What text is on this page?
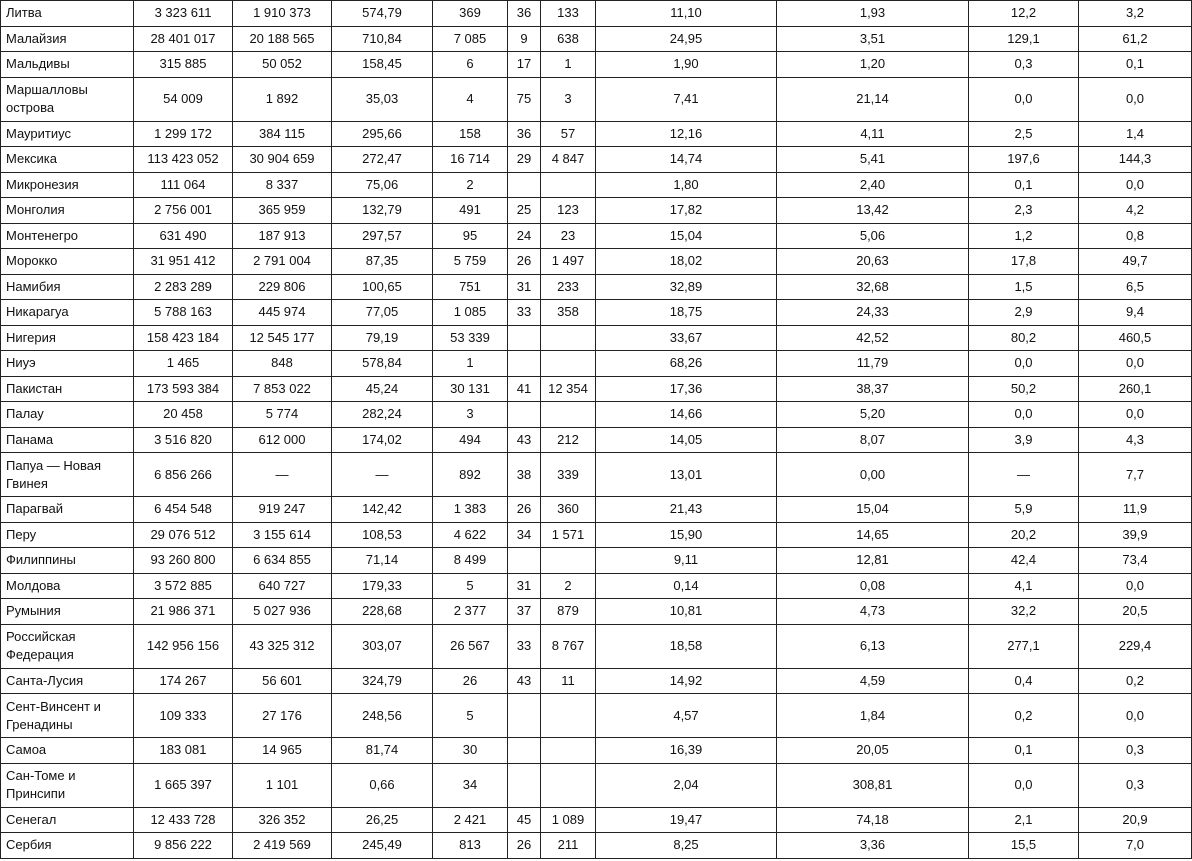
Литва	3 323 611	1 910 373	574,79	369	36	133	11,10	1,93	12,2	3,2
Малайзия	28 401 017	20 188 565	710,84	7 085	9	638	24,95	3,51	129,1	61,2
Мальдивы	315 885	50 052	158,45	6	17	1	1,90	1,20	0,3	0,1
Маршалловы острова	54 009	1 892	35,03	4	75	3	7,41	21,14	0,0	0,0
Мауритиус	1 299 172	384 115	295,66	158	36	57	12,16	4,11	2,5	1,4
Мексика	113 423 052	30 904 659	272,47	16 714	29	4 847	14,74	5,41	197,6	144,3
Микронезия	111 064	8 337	75,06	2			1,80	2,40	0,1	0,0
Монголия	2 756 001	365 959	132,79	491	25	123	17,82	13,42	2,3	4,2
Монтенегро	631 490	187 913	297,57	95	24	23	15,04	5,06	1,2	0,8
Морокко	31 951 412	2 791 004	87,35	5 759	26	1 497	18,02	20,63	17,8	49,7
Намибия	2 283 289	229 806	100,65	751	31	233	32,89	32,68	1,5	6,5
Никарагуа	5 788 163	445 974	77,05	1 085	33	358	18,75	24,33	2,9	9,4
Нигерия	158 423 184	12 545 177	79,19	53 339			33,67	42,52	80,2	460,5
Ниуэ	1 465	848	578,84	1			68,26	11,79	0,0	0,0
Пакистан	173 593 384	7 853 022	45,24	30 131	41	12 354	17,36	38,37	50,2	260,1
Палау	20 458	5 774	282,24	3			14,66	5,20	0,0	0,0
Панама	3 516 820	612 000	174,02	494	43	212	14,05	8,07	3,9	4,3
Папуа — Новая Гвинея	6 856 266	—	—	892	38	339	13,01	0,00	—	7,7
Парагвай	6 454 548	919 247	142,42	1 383	26	360	21,43	15,04	5,9	11,9
Перу	29 076 512	3 155 614	108,53	4 622	34	1 571	15,90	14,65	20,2	39,9
Филиппины	93 260 800	6 634 855	71,14	8 499			9,11	12,81	42,4	73,4
Молдова	3 572 885	640 727	179,33	5	31	2	0,14	0,08	4,1	0,0
Румыния	21 986 371	5 027 936	228,68	2 377	37	879	10,81	4,73	32,2	20,5
Российская Федерация	142 956 156	43 325 312	303,07	26 567	33	8 767	18,58	6,13	277,1	229,4
Санта-Лусия	174 267	56 601	324,79	26	43	11	14,92	4,59	0,4	0,2
Сент-Винсент и Гренадины	109 333	27 176	248,56	5			4,57	1,84	0,2	0,0
Самоа	183 081	14 965	81,74	30			16,39	20,05	0,1	0,3
Сан-Томе и Принсипи	1 665 397	1 101	0,66	34			2,04	308,81	0,0	0,3
Сенегал	12 433 728	326 352	26,25	2 421	45	1 089	19,47	74,18	2,1	20,9
Сербия	9 856 222	2 419 569	245,49	813	26	211	8,25	3,36	15,5	7,0
